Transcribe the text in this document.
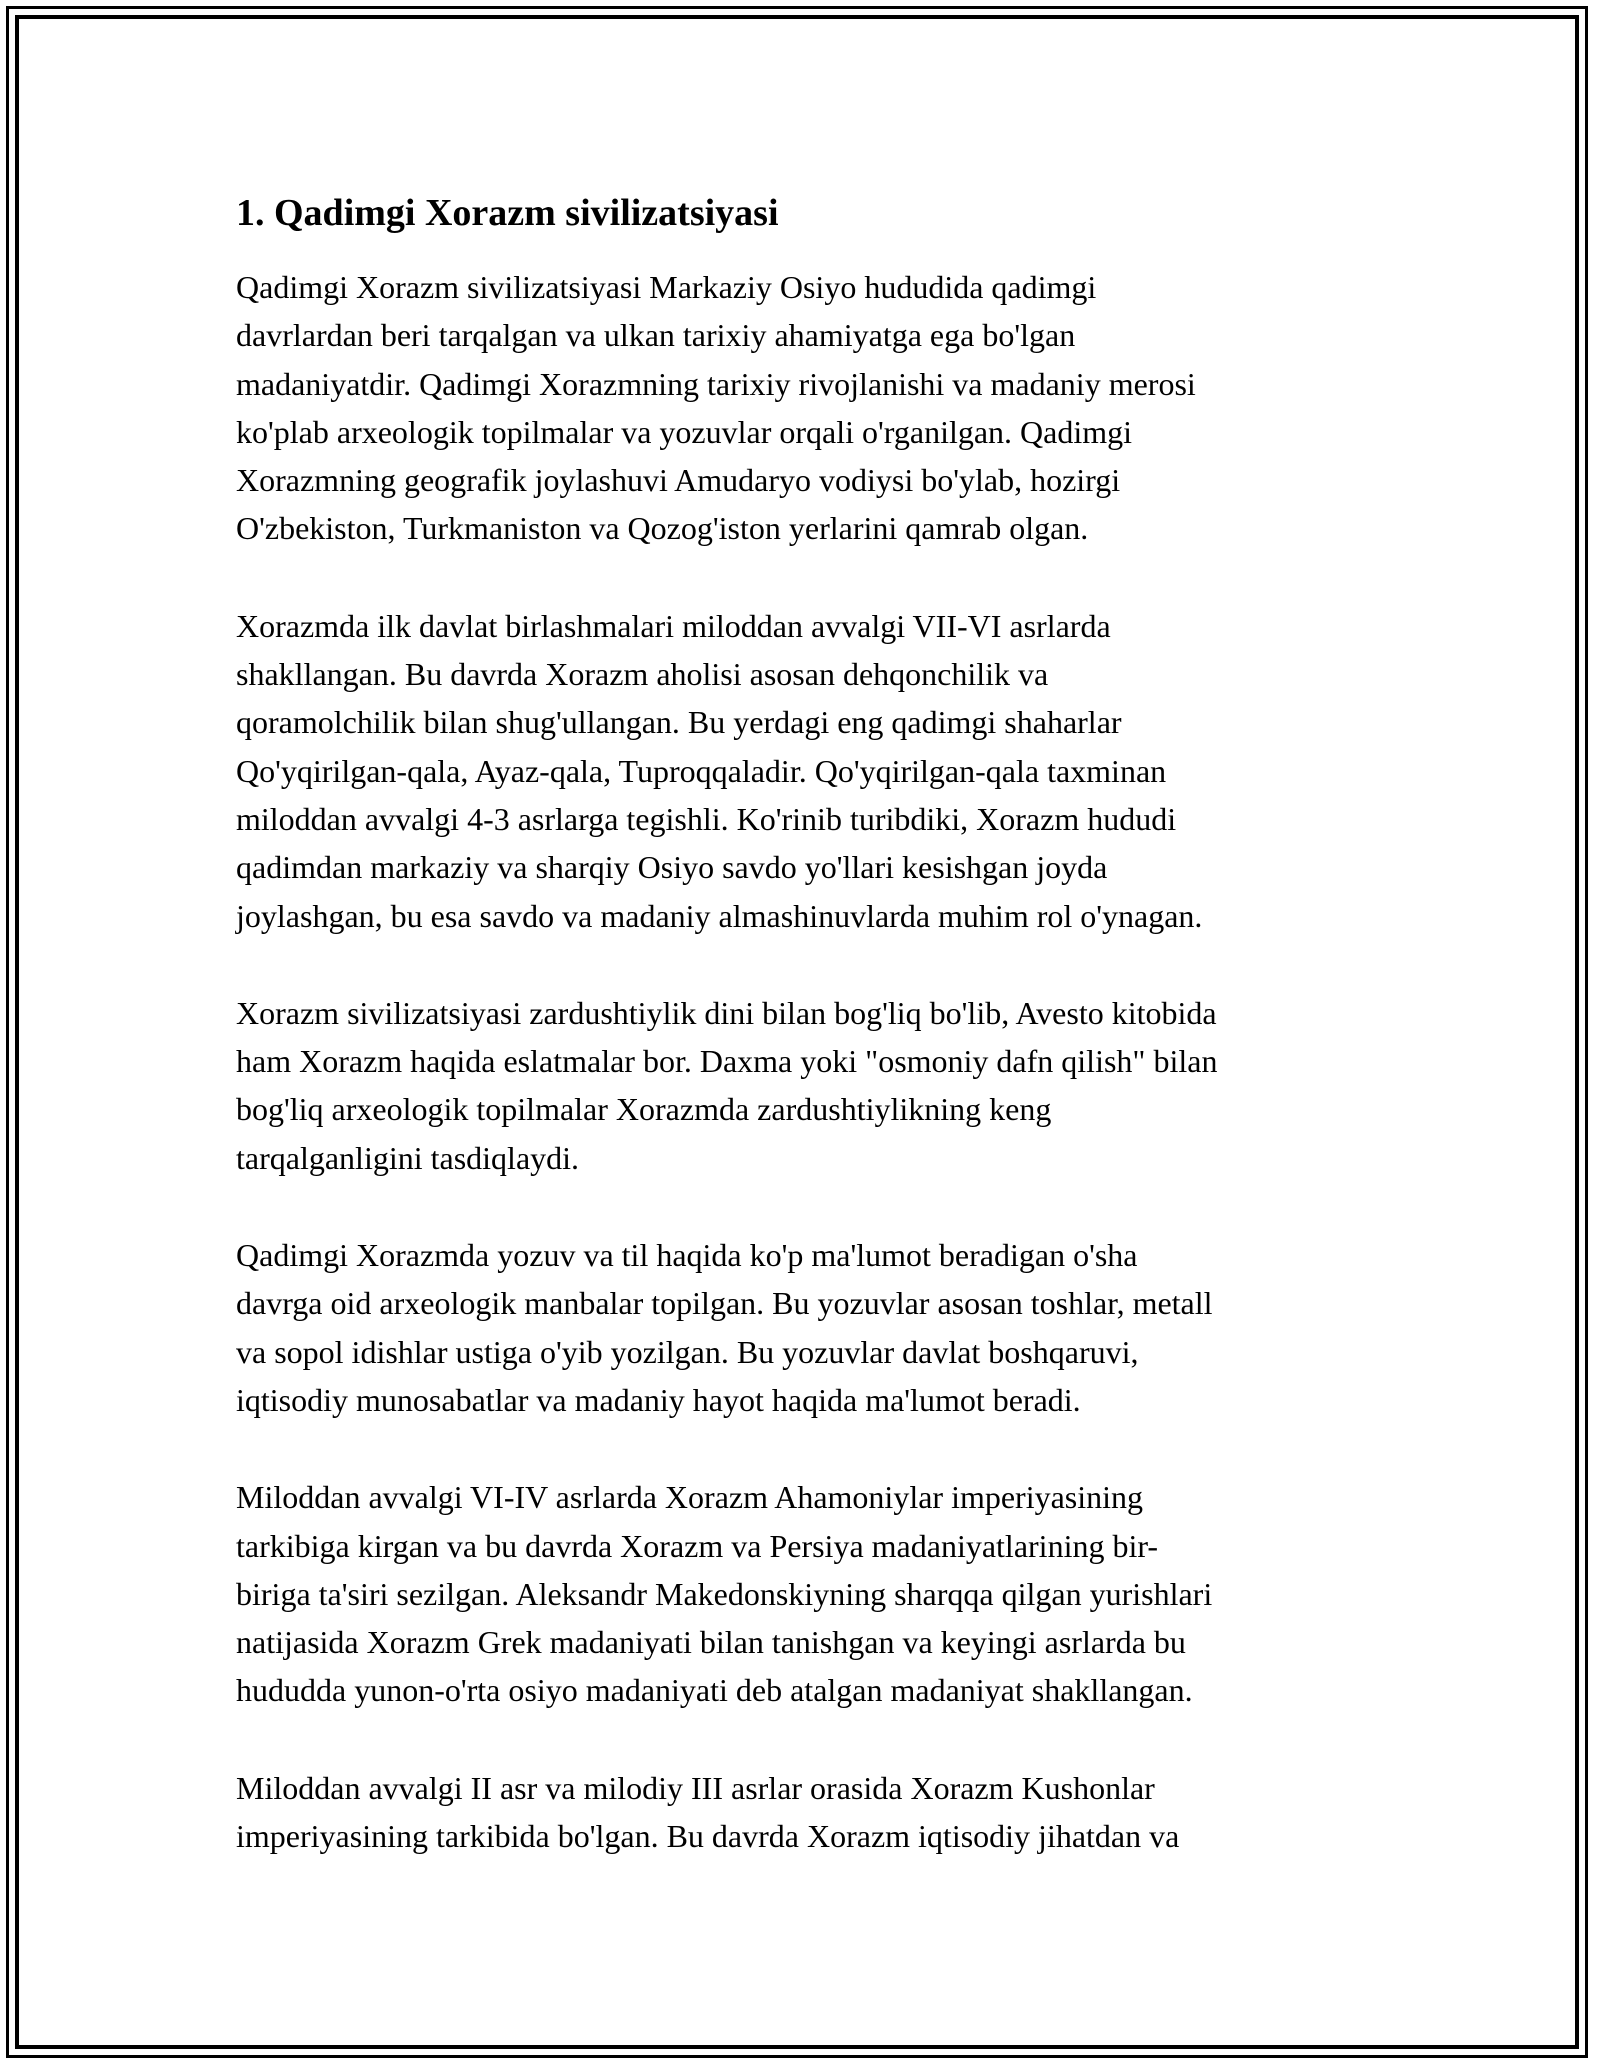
1. Qadimgi Xorazm sivilizatsiyasi

Qadimgi Xorazm sivilizatsiyasi Markaziy Osiyo hududida qadimgi
davrlardan beri tarqalgan va ulkan tarixiy ahamiyatga ega bo'lgan
madaniyatdir. Qadimgi Xorazmning tarixiy rivojlanishi va madaniy merosi
ko'plab arxeologik topilmalar va yozuvlar orqali o'rganilgan. Qadimgi
Xorazmning geografik joylashuvi Amudaryo vodiysi bo'ylab, hozirgi
O'zbekiston, Turkmaniston va Qozog'iston yerlarini qamrab olgan.

Xorazmda ilk davlat birlashmalari miloddan avvalgi VII-VI asrlarda
shakllangan. Bu davrda Xorazm aholisi asosan dehqonchilik va
qoramolchilik bilan shug'ullangan. Bu yerdagi eng qadimgi shaharlar
Qo'yqirilgan-qala, Ayaz-qala, Tuproqqaladir. Qo'yqirilgan-qala taxminan
miloddan avvalgi 4-3 asrlarga tegishli. Ko'rinib turibdiki, Xorazm hududi
qadimdan markaziy va sharqiy Osiyo savdo yo'llari kesishgan joyda
joylashgan, bu esa savdo va madaniy almashinuvlarda muhim rol o'ynagan.

Xorazm sivilizatsiyasi zardushtiylik dini bilan bog'liq bo'lib, Avesto kitobida
ham Xorazm haqida eslatmalar bor. Daxma yoki "osmoniy dafn qilish" bilan
bog'liq arxeologik topilmalar Xorazmda zardushtiylikning keng
tarqalganligini tasdiqlaydi.

Qadimgi Xorazmda yozuv va til haqida ko'p ma'lumot beradigan o'sha
davrga oid arxeologik manbalar topilgan. Bu yozuvlar asosan toshlar, metall
va sopol idishlar ustiga o'yib yozilgan. Bu yozuvlar davlat boshqaruvi,
iqtisodiy munosabatlar va madaniy hayot haqida ma'lumot beradi.

Miloddan avvalgi VI-IV asrlarda Xorazm Ahamoniylar imperiyasining
tarkibiga kirgan va bu davrda Xorazm va Persiya madaniyatlarining bir-
biriga ta'siri sezilgan. Aleksandr Makedonskiyning sharqqa qilgan yurishlari
natijasida Xorazm Grek madaniyati bilan tanishgan va keyingi asrlarda bu
hududda yunon-o'rta osiyo madaniyati deb atalgan madaniyat shakllangan.

Miloddan avvalgi II asr va milodiy III asrlar orasida Xorazm Kushonlar
imperiyasining tarkibida bo'lgan. Bu davrda Xorazm iqtisodiy jihatdan va
